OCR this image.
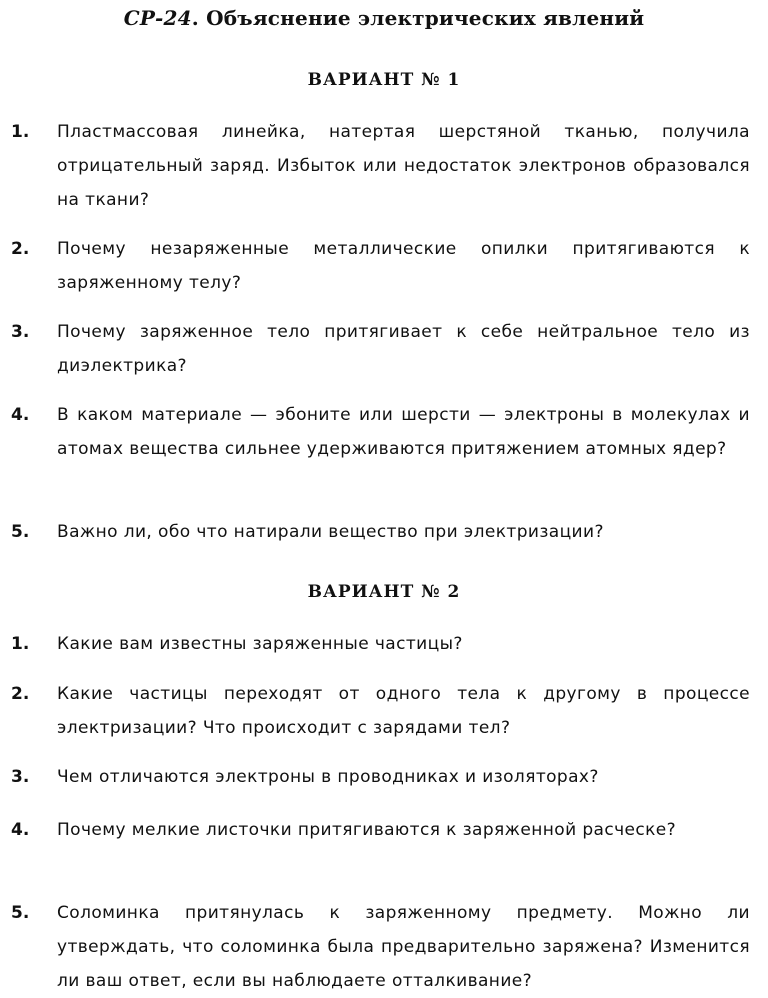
СР-24. Объяснение электрических явлений
ВАРИАНТ № 1
1. Пластмассовая линейка, натертая шерстяной тканью, получила отрицательный заряд. Избыток или недостаток электронов образовался на ткани?
2. Почему незаряженные металлические опилки притягиваются к заряженному телу?
3. Почему заряженное тело притягивает к себе нейтральное тело из диэлектрика?
4. В каком материале — эбоните или шерсти — электроны в молекулах и атомах вещества сильнее удерживаются притяжением атомных ядер?
5. Важно ли, обо что натирали вещество при электризации?
ВАРИАНТ № 2
1. Какие вам известны заряженные частицы?
2. Какие частицы переходят от одного тела к другому в процессе электризации? Что происходит с зарядами тел?
3. Чем отличаются электроны в проводниках и изоляторах?
4. Почему мелкие листочки притягиваются к заряженной расческе?
5. Соломинка притянулась к заряженному предмету. Можно ли утверждать, что соломинка была предварительно заряжена? Изменится ли ваш ответ, если вы наблюдаете отталкивание?
